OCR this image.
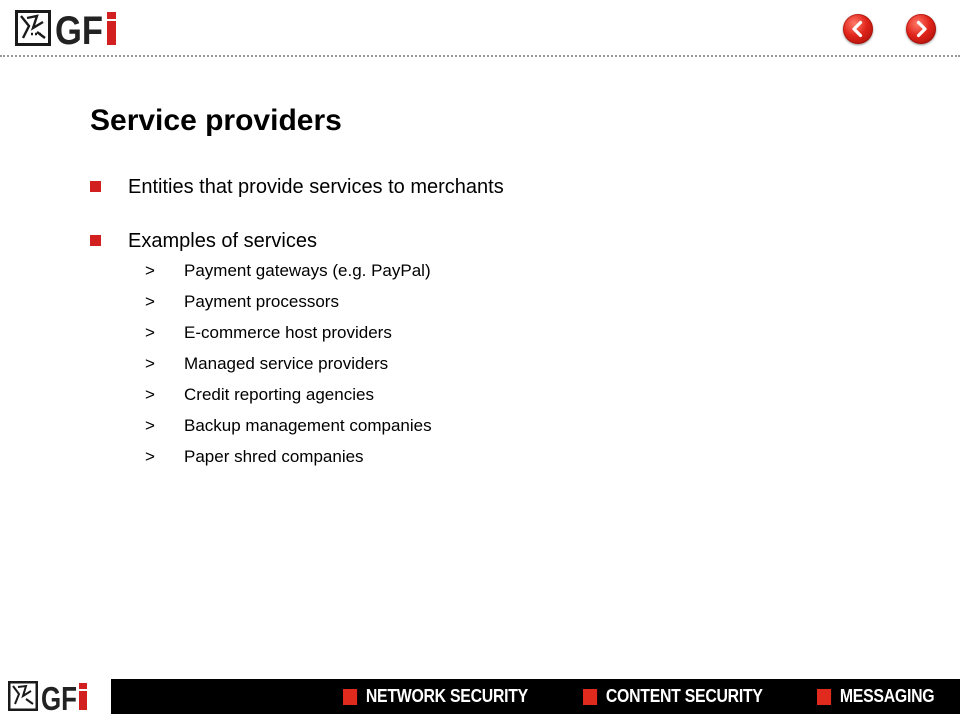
GF
Service providers
Entities that provide services to merchants
Examples of services
> Payment gateways (e.g. PayPal)
> Payment processors
> E-commerce host providers
> Managed service providers
> Credit reporting agencies
> Backup management companies
> Paper shred companies
GF	NETWORK SECURITY	CONTENT SECURITY	MESSAGING
